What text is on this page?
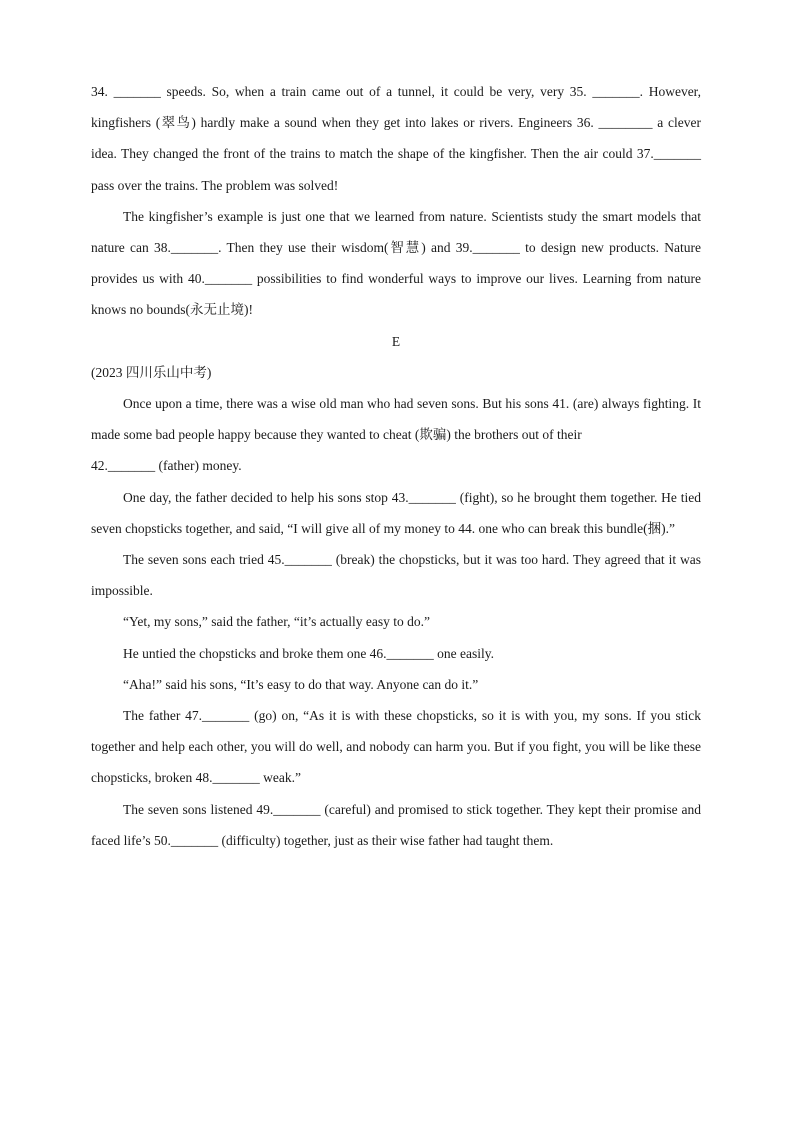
34. _______ speeds. So, when a train came out of a tunnel, it could be very, very 35. _______. However, kingfishers (翠鸟) hardly make a sound when they get into lakes or rivers. Engineers 36. ________ a clever idea. They changed the front of the trains to match the shape of the kingfisher. Then the air could 37._______ pass over the trains. The problem was solved!

The kingfisher’s example is just one that we learned from nature. Scientists study the smart models that nature can 38._______. Then they use their wisdom(智慧) and 39._______ to design new products. Nature provides us with 40._______ possibilities to find wonderful ways to improve our lives. Learning from nature knows no bounds(永无止境)!

E

(2023 四川乐山中考)

Once upon a time, there was a wise old man who had seven sons. But his sons 41. (are) always fighting. It made some bad people happy because they wanted to cheat (欺骗) the brothers out of their

42._______ (father) money.

One day, the father decided to help his sons stop 43._______ (fight), so he brought them together. He tied seven chopsticks together, and said, “I will give all of my money to 44. one who can break this bundle(捆).”

The seven sons each tried 45._______ (break) the chopsticks, but it was too hard. They agreed that it was impossible.

“Yet, my sons,” said the father, “it’s actually easy to do.”

He untied the chopsticks and broke them one 46._______ one easily.

“Aha!” said his sons, “It’s easy to do that way. Anyone can do it.”

The father 47._______ (go) on, “As it is with these chopsticks, so it is with you, my sons. If you stick together and help each other, you will do well, and nobody can harm you. But if you fight, you will be like these chopsticks, broken 48._______ weak.”

The seven sons listened 49._______ (careful) and promised to stick together. They kept their promise and faced life’s 50._______ (difficulty) together, just as their wise father had taught them.
